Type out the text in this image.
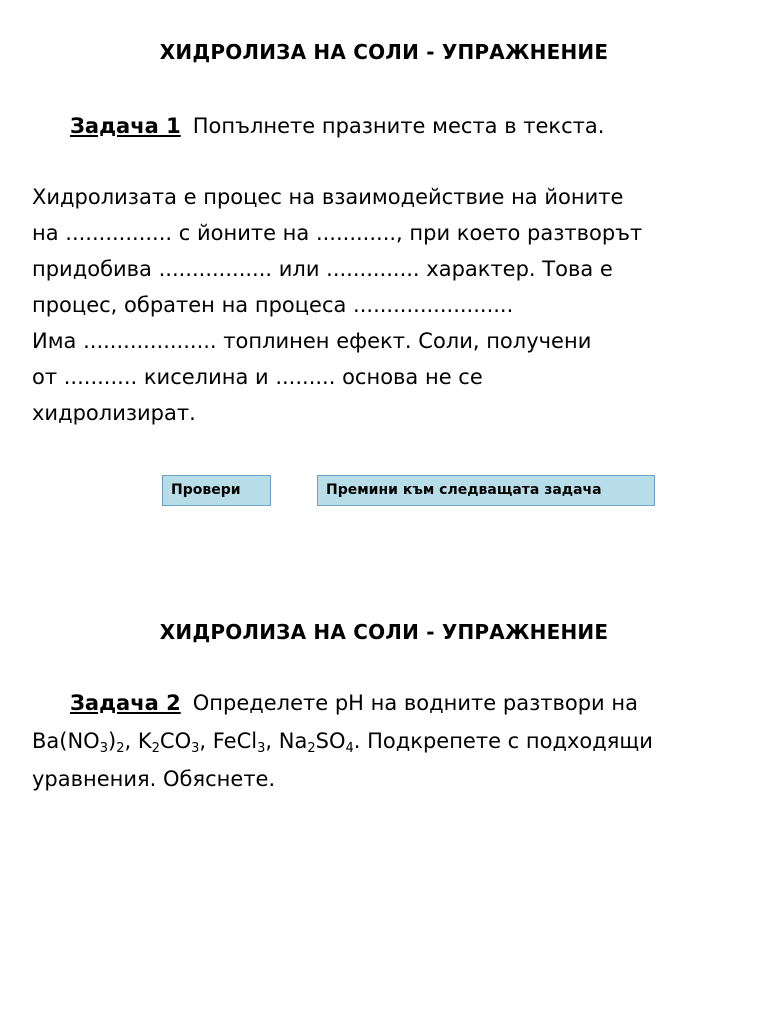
ХИДРОЛИЗА НА СОЛИ - УПРАЖНЕНИЕ
Задача 1 Попълнете празните места в текста.
Хидролизата е процес на взаимодействие на йоните
на ................ с йоните на ............, при което разтворът
придобива ................. или .............. характер. Това е
процес, обратен на процеса ........................
Има .................... топлинен ефект. Соли, получени
от ........... киселина и ......... основа не се
хидролизират.
Провери	Премини към следващата задача
ХИДРОЛИЗА НА СОЛИ - УПРАЖНЕНИЕ
Задача 2 Определете pH на водните разтвори на
$Ba(NO_3)_2$, $K_2CO_3$, FeCl$_3$, $Na_2SO_4$. Подкрепете с подходящи
уравнения. Обяснете.
